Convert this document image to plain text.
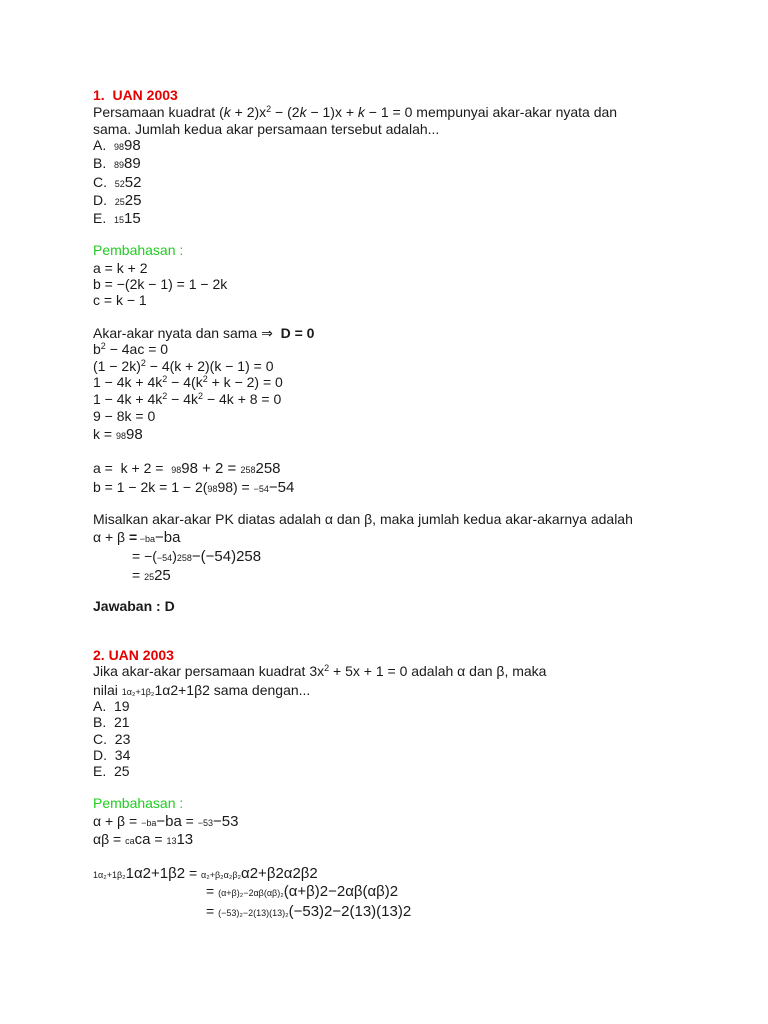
1.  UAN 2003
Persamaan kuadrat $(k + 2)x^2 - (2k - 1)x + k - 1 = 0$ mempunyai akar-akar nyata dan
sama. Jumlah kedua akar persamaan tersebut adalah...
A. 9898
B. 8989
C. 5252
D. 2525
E. 1515
Pembahasan :
a = k + 2
b = −(2k − 1) = 1 − 2k
c = k − 1
Akar-akar nyata dan sama ⇒  D = 0
$b^2 - 4ac = 0$
$(1 - 2k)^2 - 4(k + 2)(k - 1) = 0$
$1 - 4k + 4k^2 - 4(k^2 + k - 2) = 0$
$1 - 4k + 4k^2 - 4k^2 - 4k + 8 = 0$
9 − 8k = 0
k = 9898
a =  k + 2 =  9898 + 2 = 258258
b = 1 − 2k = 1 − 2(9898) = −54−54
Misalkan akar-akar PK diatas adalah α dan β, maka jumlah kedua akar-akarnya adalah
α + β = −ba−ba
= −(−54)258−(−54)258
= 2525
Jawaban : D
2. UAN 2003
Jika akar-akar persamaan kuadrat $3x^2 + 5x + 1 = 0$ adalah α dan β, maka
nilai 1α₂+1β₂1α2+1β2 sama dengan...
A. 19
B. 21
C. 23
D. 34
E. 25
Pembahasan :
α + β = −ba−ba = −53−53
αβ = caca = 1313
1α₂+1β₂1α2+1β2 = α₂+β₂α₂β₂α2+β2α2β2
= (α+β)₂−2αβ(αβ)₂(α+β)2−2αβ(αβ)2
= (−53)₂−2(13)(13)₂(−53)2−2(13)(13)2
